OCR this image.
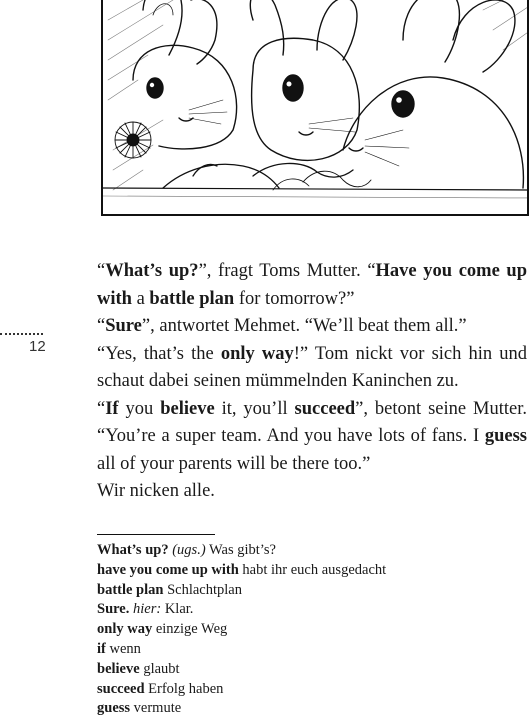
12

“What’s up?”, fragt Toms Mutter. “Have you come up with a battle plan for tomorrow?”

“Sure”, antwortet Mehmet. “We’ll beat them all.”

“Yes, that’s the only way!” Tom nickt vor sich hin und schaut dabei seinen mümmelnden Kaninchen zu.

“If you believe it, you’ll succeed”, betont seine Mutter. “You’re a super team. And you have lots of fans. I guess all of your parents will be there too.”

Wir nicken alle.

What’s up? (ugs.) Was gibt’s?
have you come up with habt ihr euch ausgedacht
battle plan Schlachtplan
Sure. hier: Klar.
only way einzige Weg
if wenn
believe glaubt
succeed Erfolg haben
guess vermute
